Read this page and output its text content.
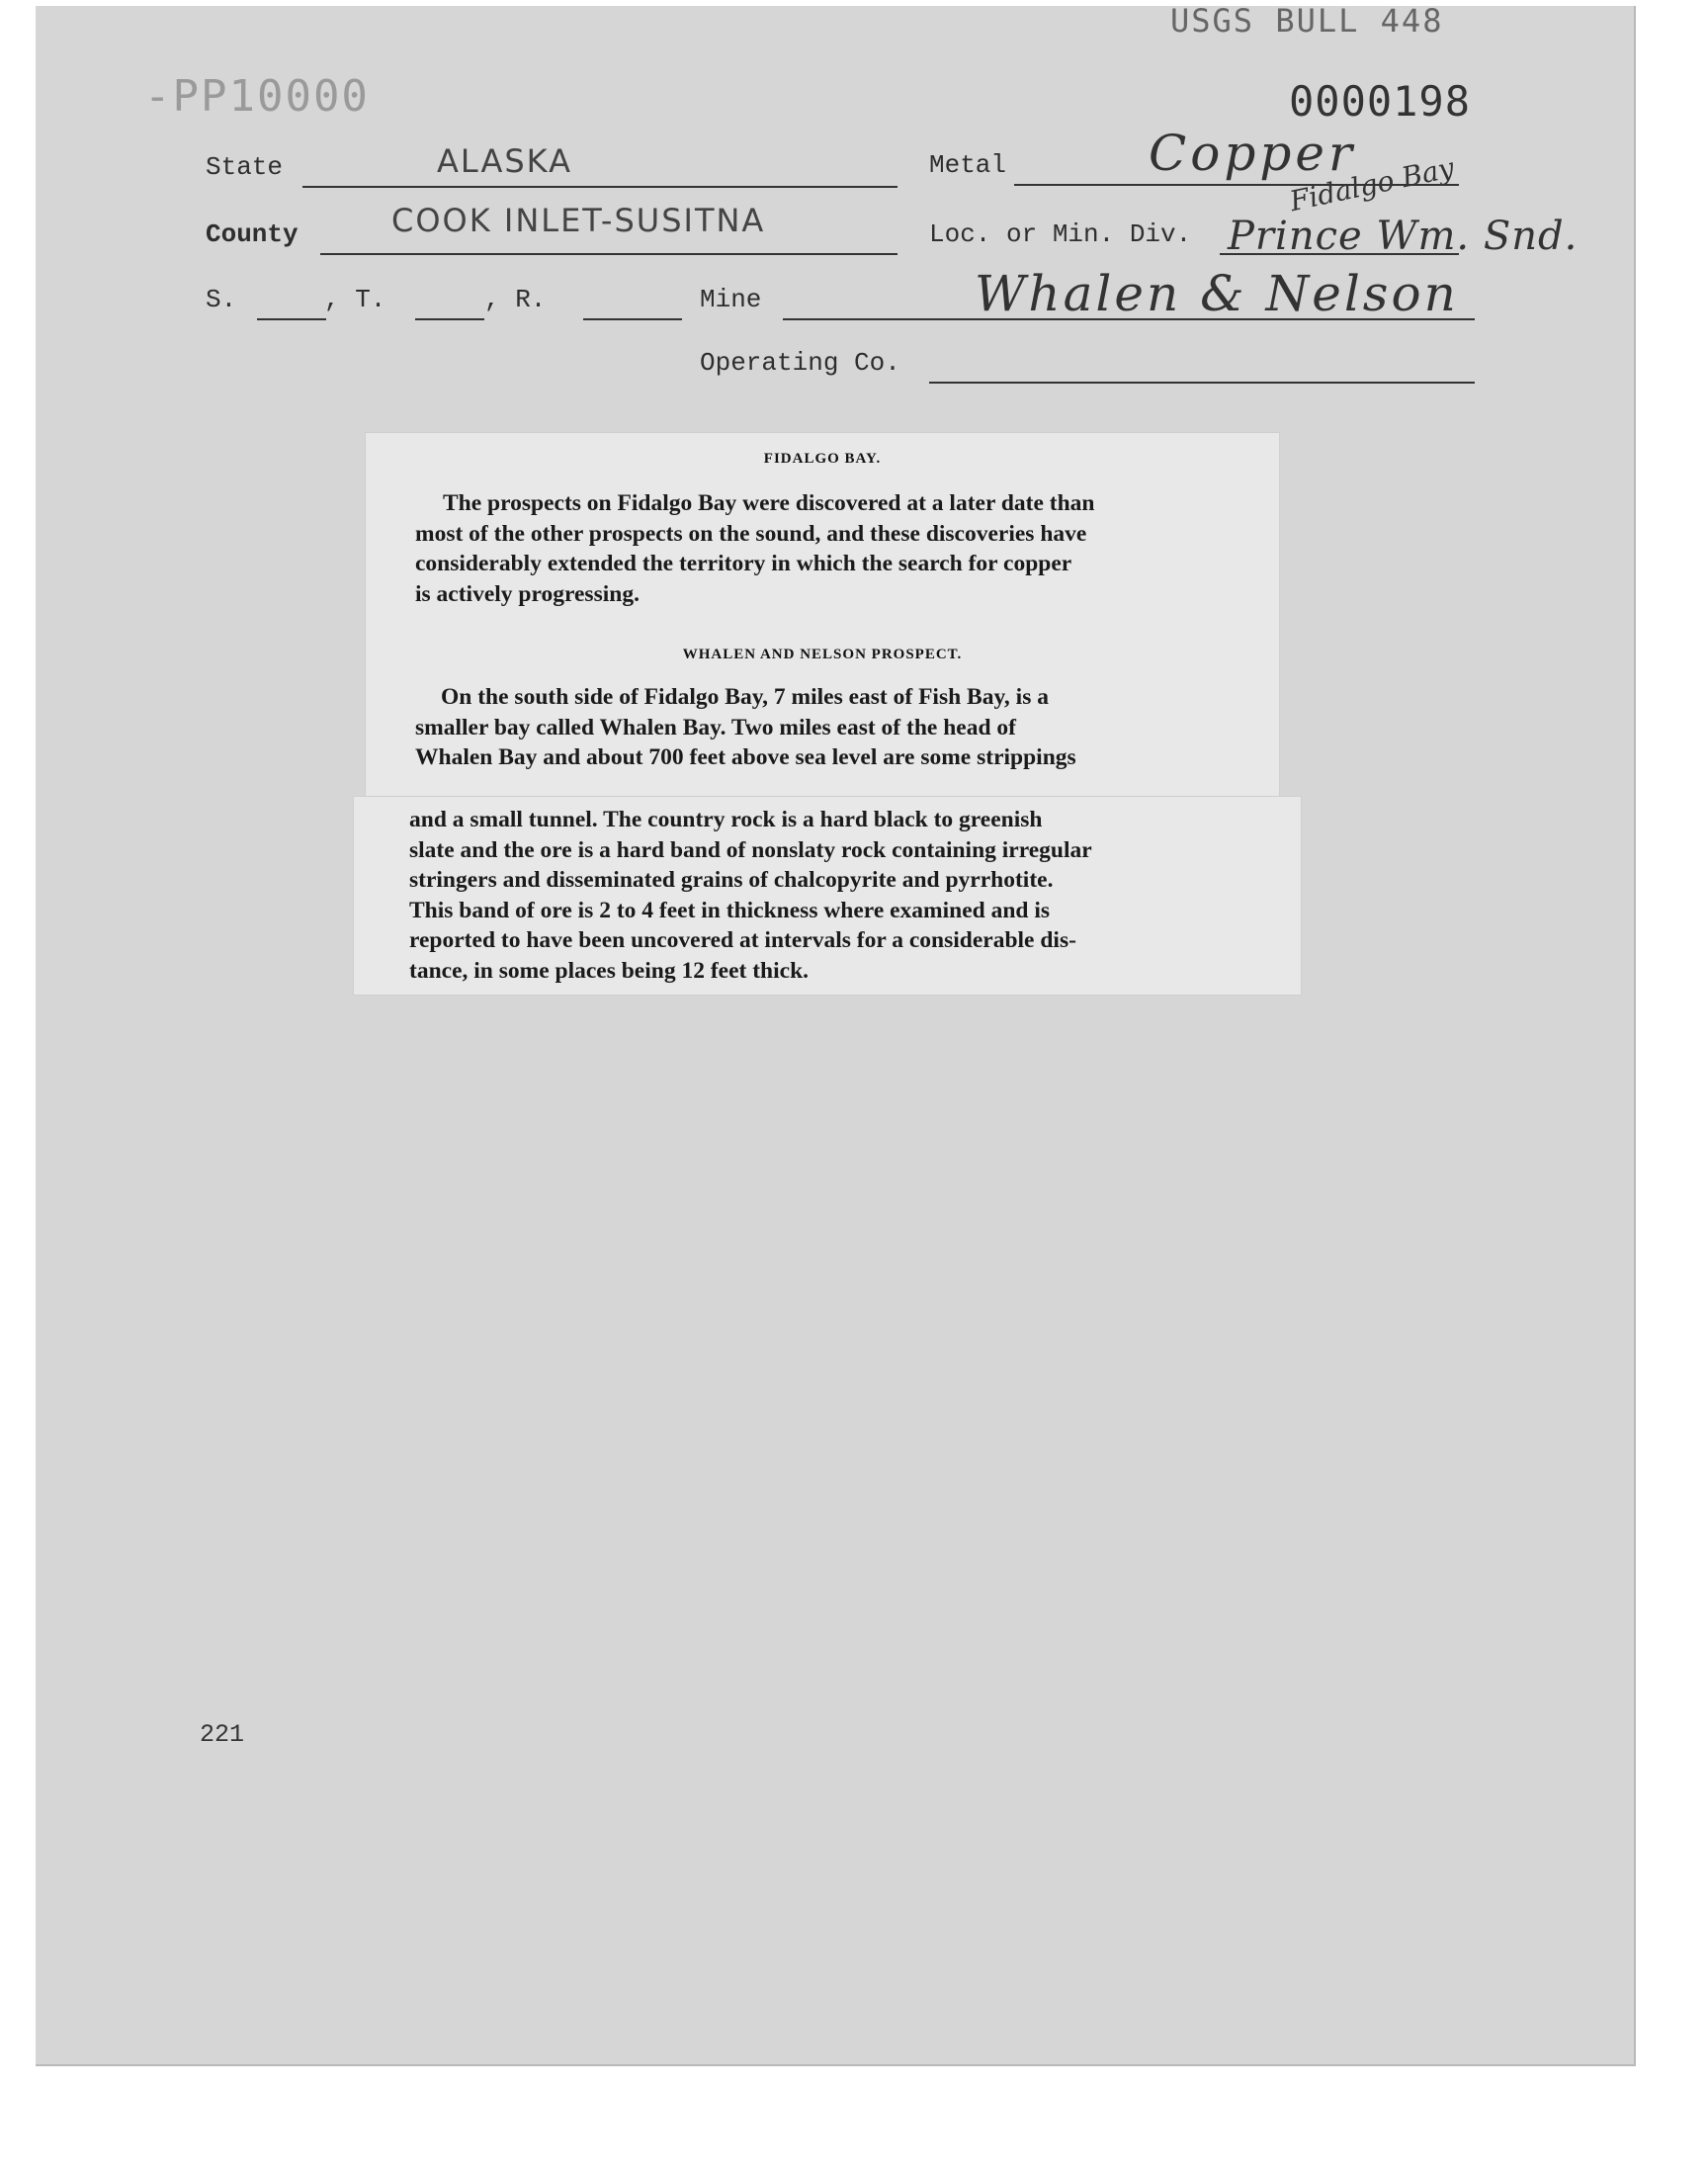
USGS BULL 448
0000198
-PP10000
State	ALASKA	Metal	Copper
County	COOK INLET-SUSITNA	Loc. or Min. Div.
Fidalgo Bay
Prince Wm. Snd.
S.	, T.	, R.	Mine	Whalen & Nelson
Operating Co.
FIDALGO BAY.
The prospects on Fidalgo Bay were discovered at a later date than
most of the other prospects on the sound, and these discoveries have
considerably extended the territory in which the search for copper
is actively progressing.
WHALEN AND NELSON PROSPECT.
On the south side of Fidalgo Bay, 7 miles east of Fish Bay, is a
smaller bay called Whalen Bay. Two miles east of the head of
Whalen Bay and about 700 feet above sea level are some strippings
and a small tunnel. The country rock is a hard black to greenish
slate and the ore is a hard band of nonslaty rock containing irregular
stringers and disseminated grains of chalcopyrite and pyrrhotite.
This band of ore is 2 to 4 feet in thickness where examined and is
reported to have been uncovered at intervals for a considerable dis-
tance, in some places being 12 feet thick.
221
